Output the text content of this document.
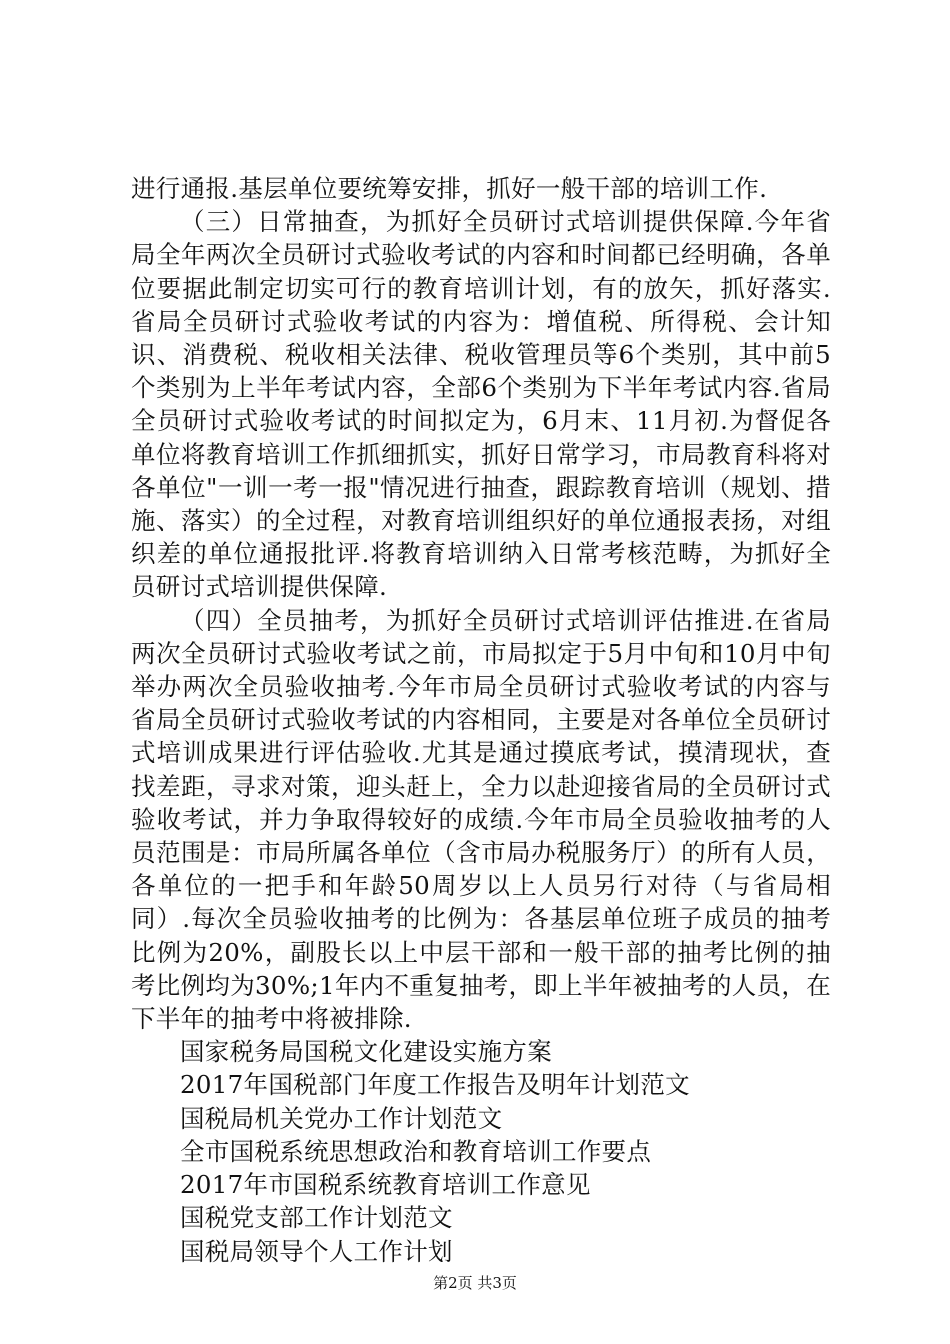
进行通报.基层单位要统筹安排，抓好一般干部的培训工作.

（三）日常抽查，为抓好全员研讨式培训提供保障.今年省局全年两次全员研讨式验收考试的内容和时间都已经明确，各单位要据此制定切实可行的教育培训计划，有的放矢，抓好落实.省局全员研讨式验收考试的内容为：增值税、所得税、会计知识、消费税、税收相关法律、税收管理员等6个类别，其中前5个类别为上半年考试内容，全部6个类别为下半年考试内容.省局全员研讨式验收考试的时间拟定为，6月末、11月初.为督促各单位将教育培训工作抓细抓实，抓好日常学习，市局教育科将对各单位"一训一考一报"情况进行抽查，跟踪教育培训（规划、措施、落实）的全过程，对教育培训组织好的单位通报表扬，对组织差的单位通报批评.将教育培训纳入日常考核范畴，为抓好全员研讨式培训提供保障.

（四）全员抽考，为抓好全员研讨式培训评估推进.在省局两次全员研讨式验收考试之前，市局拟定于5月中旬和10月中旬举办两次全员验收抽考.今年市局全员研讨式验收考试的内容与省局全员研讨式验收考试的内容相同，主要是对各单位全员研讨式培训成果进行评估验收.尤其是通过摸底考试，摸清现状，查找差距，寻求对策，迎头赶上，全力以赴迎接省局的全员研讨式验收考试，并力争取得较好的成绩.今年市局全员验收抽考的人员范围是：市局所属各单位（含市局办税服务厅）的所有人员，各单位的一把手和年龄50周岁以上人员另行对待（与省局相同）.每次全员验收抽考的比例为：各基层单位班子成员的抽考比例为20%，副股长以上中层干部和一般干部的抽考比例的抽考比例均为30%;1年内不重复抽考，即上半年被抽考的人员，在下半年的抽考中将被排除.

国家税务局国税文化建设实施方案
2017年国税部门年度工作报告及明年计划范文
国税局机关党办工作计划范文
全市国税系统思想政治和教育培训工作要点
2017年市国税系统教育培训工作意见
国税党支部工作计划范文
国税局领导个人工作计划
第2页 共3页
